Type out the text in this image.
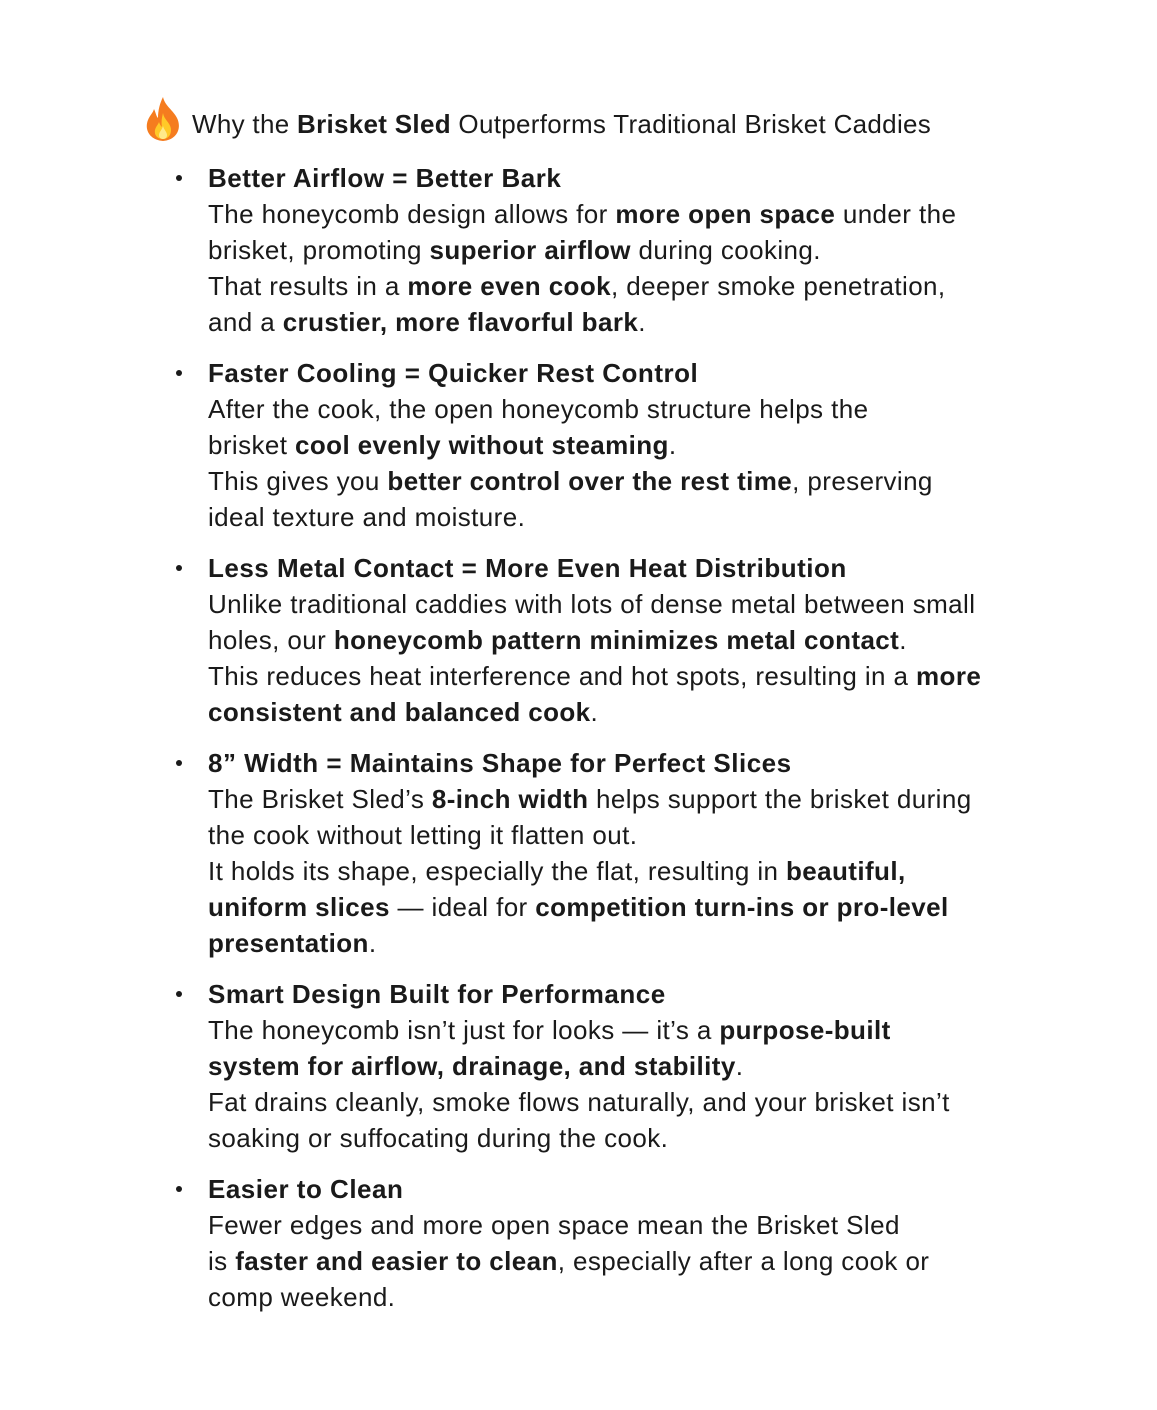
Why the Brisket Sled Outperforms Traditional Brisket Caddies
Better Airflow = Better Bark

The honeycomb design allows for more open space under the
brisket, promoting superior airflow during cooking.

That results in a more even cook, deeper smoke penetration,
and a crustier, more flavorful bark.

Faster Cooling = Quicker Rest Control

After the cook, the open honeycomb structure helps the
brisket cool evenly without steaming.

This gives you better control over the rest time, preserving
ideal texture and moisture.

Less Metal Contact = More Even Heat Distribution

Unlike traditional caddies with lots of dense metal between small
holes, our honeycomb pattern minimizes metal contact.

This reduces heat interference and hot spots, resulting in a more
consistent and balanced cook.

8” Width = Maintains Shape for Perfect Slices

The Brisket Sled’s 8-inch width helps support the brisket during
the cook without letting it flatten out.

It holds its shape, especially the flat, resulting in beautiful,
uniform slices — ideal for competition turn-ins or pro-level
presentation.

Smart Design Built for Performance

The honeycomb isn’t just for looks — it’s a purpose-built
system for airflow, drainage, and stability.

Fat drains cleanly, smoke flows naturally, and your brisket isn’t
soaking or suffocating during the cook.

Easier to Clean

Fewer edges and more open space mean the Brisket Sled
is faster and easier to clean, especially after a long cook or
comp weekend.
